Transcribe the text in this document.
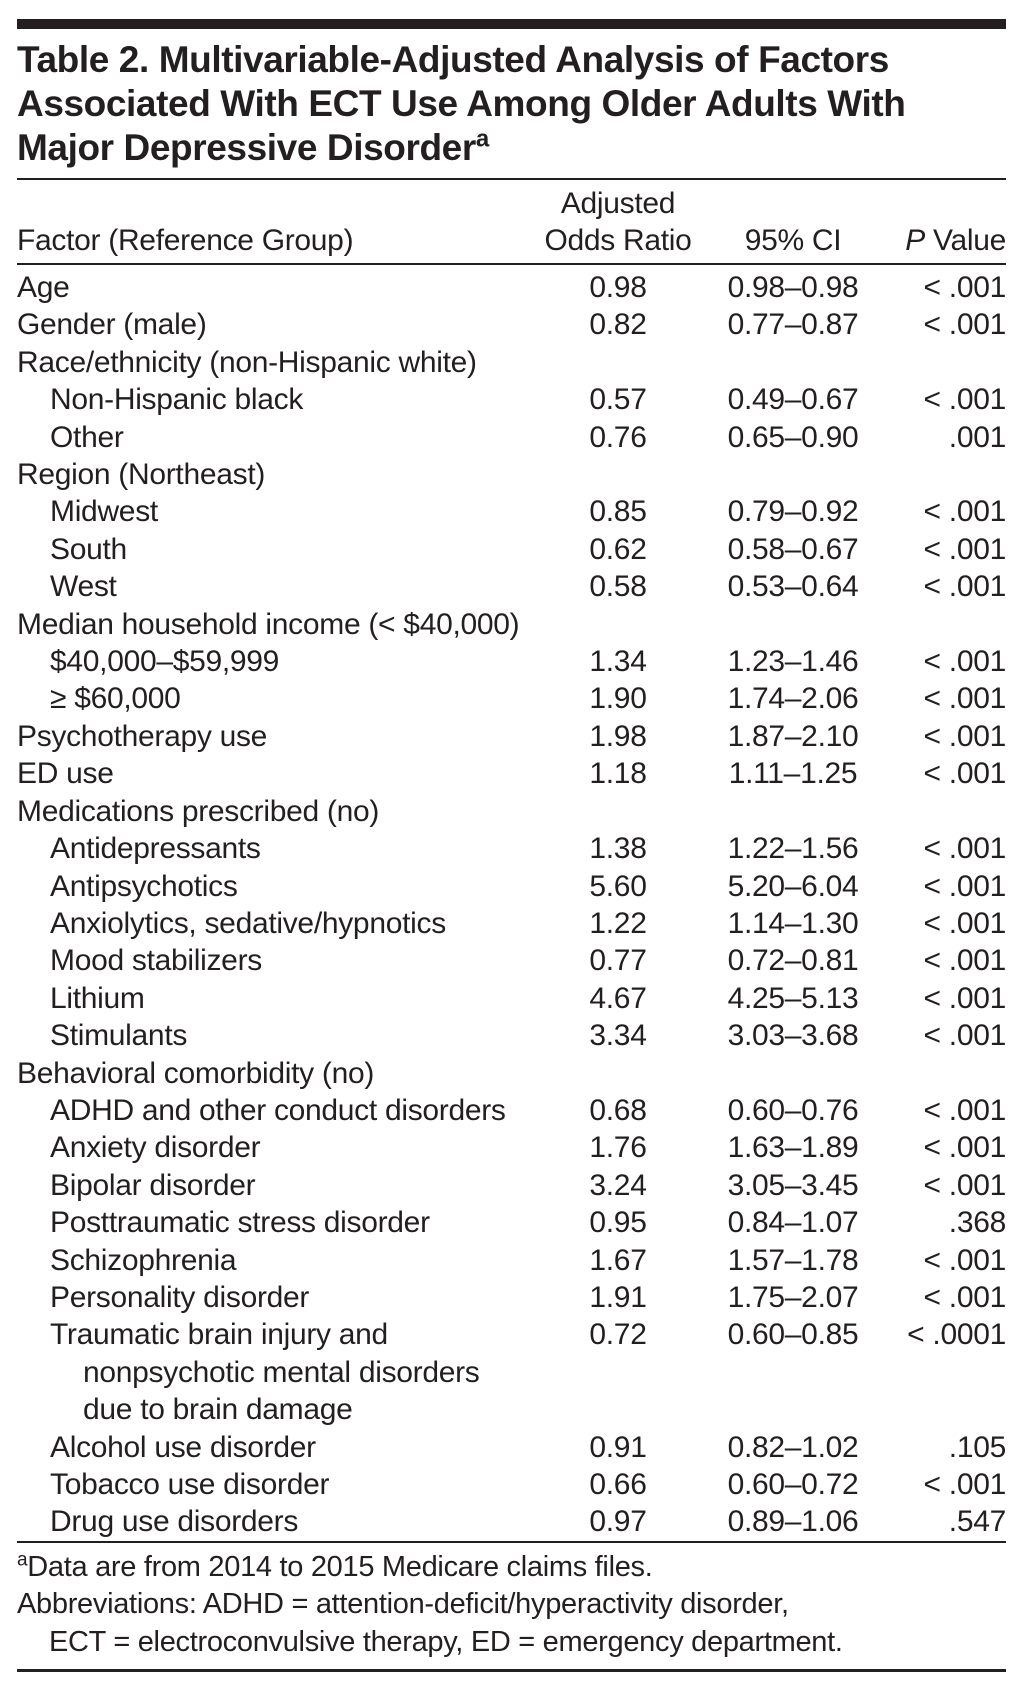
Table 2. Multivariable-Adjusted Analysis of Factors
Associated With ECT Use Among Older Adults With
Major Depressive Disorder$^a$
	Adjusted		
Factor (Reference Group)	Odds Ratio	95% CI	P Value

Age	0.98	0.98–0.98	< .001

Gender (male)	0.82	0.77–0.87	< .001

Race/ethnicity (non-Hispanic white)			

Non-Hispanic black	0.57	0.49–0.67	< .001

Other	0.76	0.65–0.90	.001

Region (Northeast)			

Midwest	0.85	0.79–0.92	< .001

South	0.62	0.58–0.67	< .001

West	0.58	0.53–0.64	< .001

Median household income (< $40,000)			

$40,000–$59,999	1.34	1.23–1.46	< .001

≥ $60,000	1.90	1.74–2.06	< .001

Psychotherapy use	1.98	1.87–2.10	< .001

ED use	1.18	1.11–1.25	< .001

Medications prescribed (no)			

Antidepressants	1.38	1.22–1.56	< .001

Antipsychotics	5.60	5.20–6.04	< .001

Anxiolytics, sedative/hypnotics	1.22	1.14–1.30	< .001

Mood stabilizers	0.77	0.72–0.81	< .001

Lithium	4.67	4.25–5.13	< .001

Stimulants	3.34	3.03–3.68	< .001

Behavioral comorbidity (no)			

ADHD and other conduct disorders	0.68	0.60–0.76	< .001

Anxiety disorder	1.76	1.63–1.89	< .001

Bipolar disorder	3.24	3.05–3.45	< .001

Posttraumatic stress disorder	0.95	0.84–1.07	.368

Schizophrenia	1.67	1.57–1.78	< .001

Personality disorder	1.91	1.75–2.07	< .001

Traumatic brain injury and	0.72	0.60–0.85	< .0001

nonpsychotic mental disorders			

due to brain damage			

Alcohol use disorder	0.91	0.82–1.02	.105

Tobacco use disorder	0.66	0.60–0.72	< .001

Drug use disorders	0.97	0.89–1.06	.547

$^a$Data are from 2014 to 2015 Medicare claims files.

Abbreviations: ADHD = attention-deficit/hyperactivity disorder,

ECT = electroconvulsive therapy, ED = emergency department.
